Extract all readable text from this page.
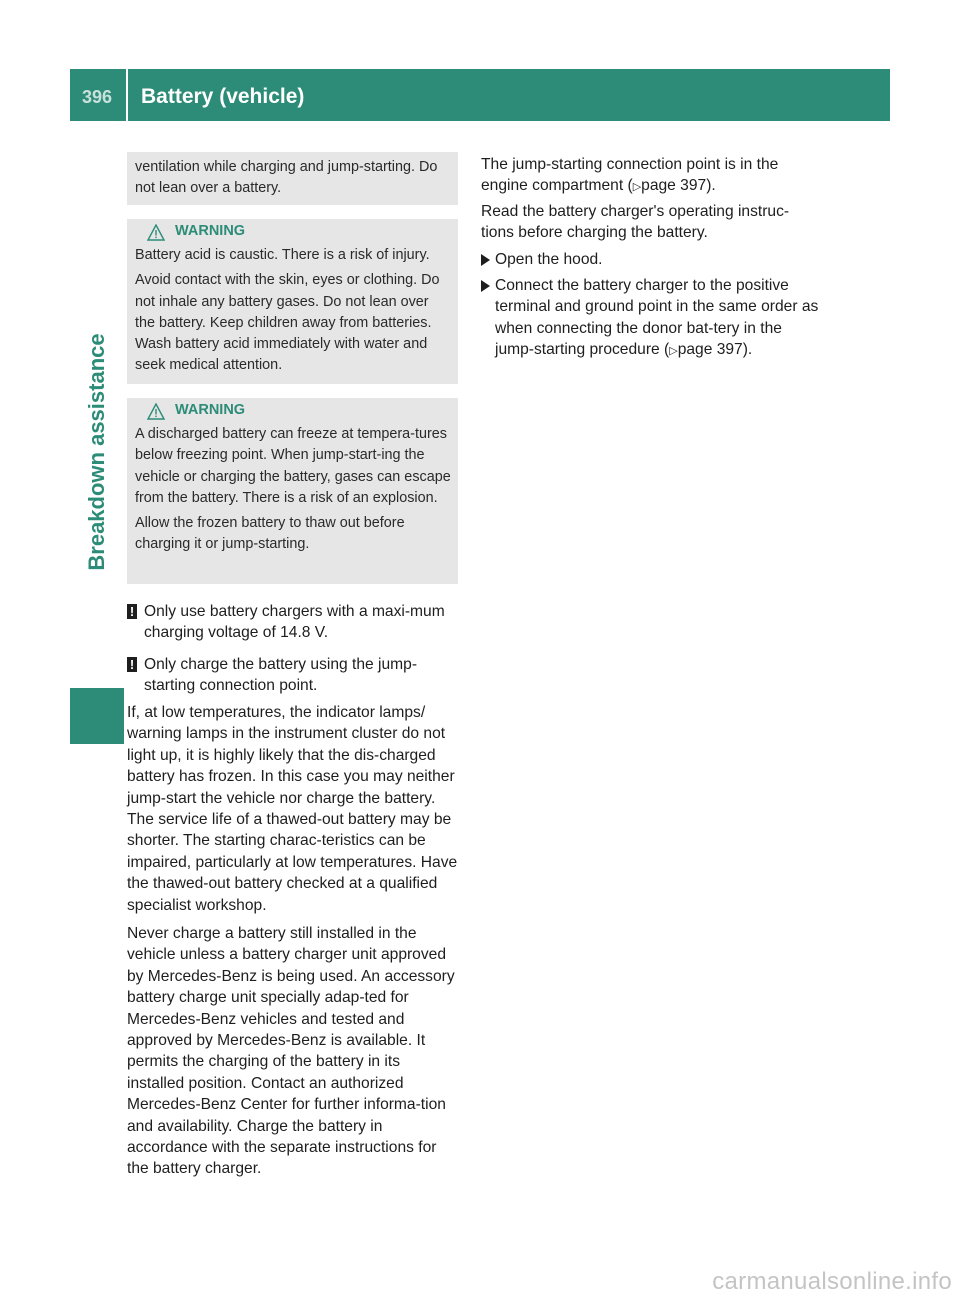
396	Battery (vehicle)
Breakdown assistance

ventilation while charging and jump-starting. Do not lean over a battery.

WARNING

Battery acid is caustic. There is a risk of injury.

Avoid contact with the skin, eyes or clothing. Do not inhale any battery gases. Do not lean over the battery. Keep children away from batteries. Wash battery acid immediately with water and seek medical attention.

WARNING

A discharged battery can freeze at tempera-tures below freezing point. When jump-start-ing the vehicle or charging the battery, gases can escape from the battery. There is a risk of an explosion.

Allow the frozen battery to thaw out before charging it or jump-starting.

! Only use battery chargers with a maxi-mum charging voltage of 14.8 V.
! Only charge the battery using the jump-starting connection point.

If, at low temperatures, the indicator lamps/ warning lamps in the instrument cluster do not light up, it is highly likely that the dis-charged battery has frozen. In this case you may neither jump-start the vehicle nor charge the battery. The service life of a thawed-out battery may be shorter. The starting charac-teristics can be impaired, particularly at low temperatures. Have the thawed-out battery checked at a qualified specialist workshop.

Never charge a battery still installed in the vehicle unless a battery charger unit approved by Mercedes-Benz is being used. An accessory battery charge unit specially adap-ted for Mercedes-Benz vehicles and tested and approved by Mercedes-Benz is available. It permits the charging of the battery in its installed position. Contact an authorized Mercedes-Benz Center for further informa-tion and availability. Charge the battery in accordance with the separate instructions for the battery charger.

The jump-starting connection point is in the engine compartment (▷page 397).

Read the battery charger's operating instruc-tions before charging the battery.

Open the hood.
Connect the battery charger to the positive terminal and ground point in the same order as when connecting the donor bat-tery in the jump-starting procedure (▷page 397).
carmanualsonline.info
